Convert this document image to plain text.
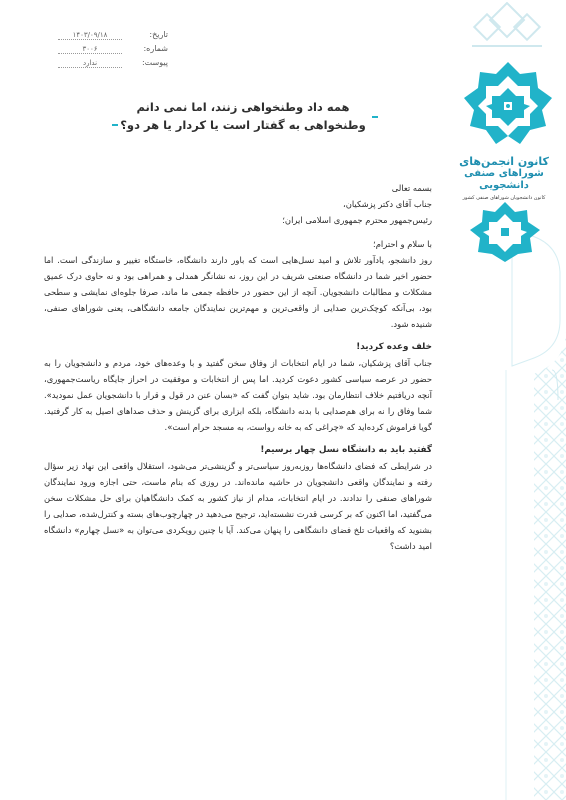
کانون انجمن‌های
شوراهای صنفی دانشجویی
کانون دانشجویان شوراهای صنفی کشور
تاریخ:
۱۴۰۳/۰۹/۱۸
شماره:
۳۰۰۶
پیوست:
ندارد
همه داد وطنخواهی زنند، اما نمی دانم
وطنخواهی به گفتار است یا کردار یا هر دو؟

بسمه تعالی

جناب آقای دکتر پزشکیان،

رئیس‌جمهور محترم جمهوری اسلامی ایران؛

با سلام و احترام؛

روز دانشجو، یادآور تلاش و امید نسل‌هایی است که باور دارند دانشگاه، خاستگاه تغییر و سازندگی است. اما حضور اخیر شما در دانشگاه صنعتی شریف در این روز، نه نشانگر همدلی و همراهی بود و نه حاوی درک عمیق مشکلات و مطالبات دانشجویان. آنچه از این حضور در حافظه جمعی ما ماند، صرفا جلوه‌ای نمایشی و سطحی بود، بی‌آنکه کوچک‌ترین صدایی از واقعی‌ترین و مهم‌ترین نمایندگان جامعه دانشگاهی، یعنی شوراهای صنفی، شنیده شود.

خلف وعده کردید!

جناب آقای پزشکیان، شما در ایام انتخابات از وفاق سخن گفتید و با وعده‌های خود، مردم و دانشجویان را به حضور در عرصه سیاسی کشور دعوت کردید. اما پس از انتخابات و موفقیت در احراز جایگاه ریاست‌جمهوری، آنچه دریافتیم خلاف انتظارمان بود. شاید بتوان گفت که «بسان عنن در قول و قرار با دانشجویان عمل نمودید». شما وفاق را نه برای هم‌صدایی با بدنه دانشگاه، بلکه ابزاری برای گزینش و حذف صداهای اصیل به کار گرفتید. گویا فراموش کرده‌اید که «چراغی که به خانه رواست، به مسجد حرام است».

گفتید باید به دانشگاه نسل چهار برسیم!

در شرایطی که فضای دانشگاه‌ها روزبه‌روز سیاسی‌تر و گزینشی‌تر می‌شود، استقلال واقعی این نهاد زیر سؤال رفته و نمایندگان واقعی دانشجویان در حاشیه مانده‌اند. در روزی که بنام ماست، حتی اجازه ورود نمایندگان شوراهای صنفی را ندادند. در ایام انتخابات، مدام از نیاز کشور به کمک دانشگاهیان برای حل مشکلات سخن می‌گفتید، اما اکنون که بر کرسی قدرت نشسته‌اید، ترجیح می‌دهید در چهارچوب‌های بسته و کنترل‌شده، صدایی را بشنوید که واقعیات تلخ فضای دانشگاهی را پنهان می‌کند. آیا با چنین رویکردی می‌توان به «نسل چهارم» دانشگاه امید داشت؟
